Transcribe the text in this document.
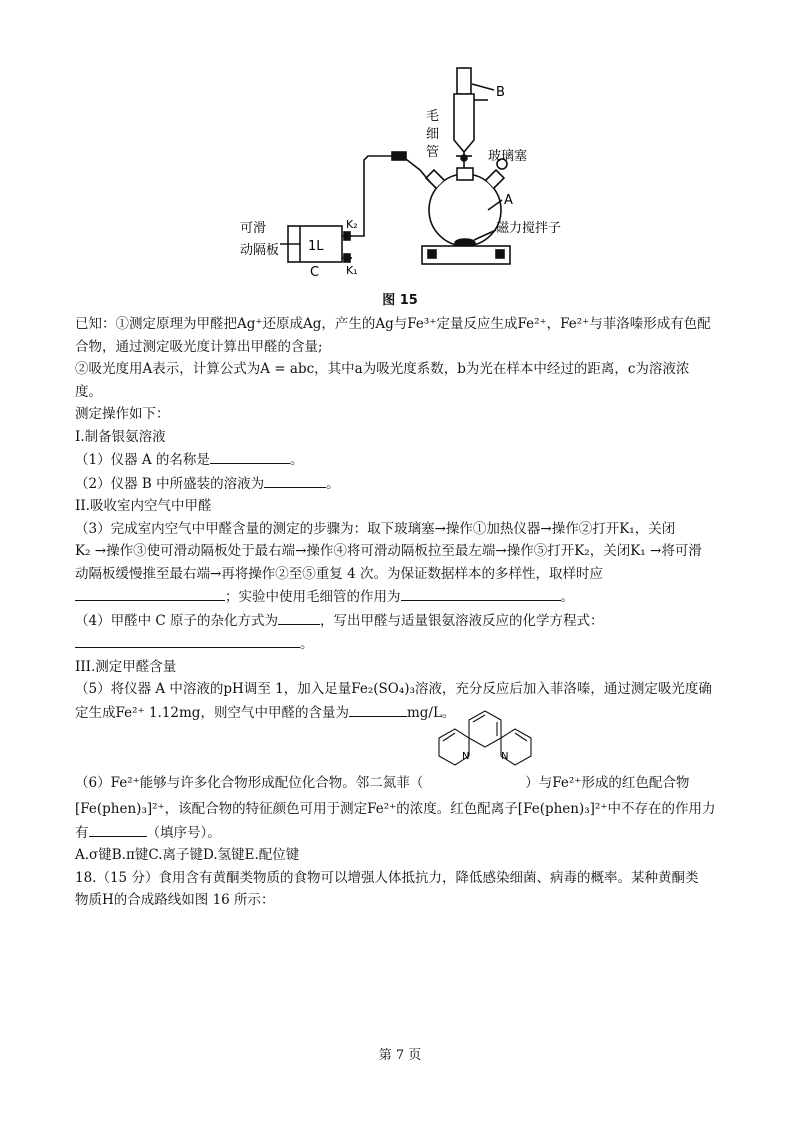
B
毛
细
管	玻璃塞
A
磁力搅拌子
可滑
动隔板 1L
C
K₂
K₁
图 15

已知：①测定原理为甲醛把Ag⁺还原成Ag，产生的Ag与Fe³⁺定量反应生成Fe²⁺，Fe²⁺与菲洛嗪形成有色配

合物，通过测定吸光度计算出甲醛的含量;

②吸光度用A表示，计算公式为A = abc，其中a为吸光度系数，b为光在样本中经过的距离，c为溶液浓

度。

测定操作如下：

I.制备银氨溶液

（1）仪器 A 的名称是	。

（2）仪器 B 中所盛装的溶液为	。

II.吸收室内空气中甲醛

（3）完成室内空气中甲醛含量的测定的步骤为：取下玻璃塞→操作①加热仪器→操作②打开K₁，关闭

K₂ →操作③使可滑动隔板处于最右端→操作④将可滑动隔板拉至最左端→操作⑤打开K₂，关闭K₁ →将可滑

动隔板缓慢推至最右端→再将操作②至⑤重复 4 次。为保证数据样本的多样性，取样时应

；实验中使用毛细管的作用为	。

（4）甲醛中 C 原子的杂化方式为	，写出甲醛与适量银氨溶液反应的化学方程式：

。

III.测定甲醛含量

（5）将仪器 A 中溶液的pH调至 1，加入足量Fe₂(SO₄)₃溶液，充分反应后加入菲洛嗪，通过测定吸光度确

定生成Fe²⁺ 1.12mg，则空气中甲醛的含量为	mg/L。

N	N

（6）Fe²⁺能够与许多化合物形成配位化合物。邻二氮菲（	）与Fe²⁺形成的红色配合物

[Fe(phen)₃]²⁺，该配合物的特征颜色可用于测定Fe²⁺的浓度。红色配离子[Fe(phen)₃]²⁺中不存在的作用力

有	（填序号）。

A.σ键B.π键C.离子键D.氢键E.配位键

18.（15 分）食用含有黄酮类物质的食物可以增强人体抵抗力，降低感染细菌、病毒的概率。某种黄酮类

物质H的合成路线如图 16 所示：

第 7 页
